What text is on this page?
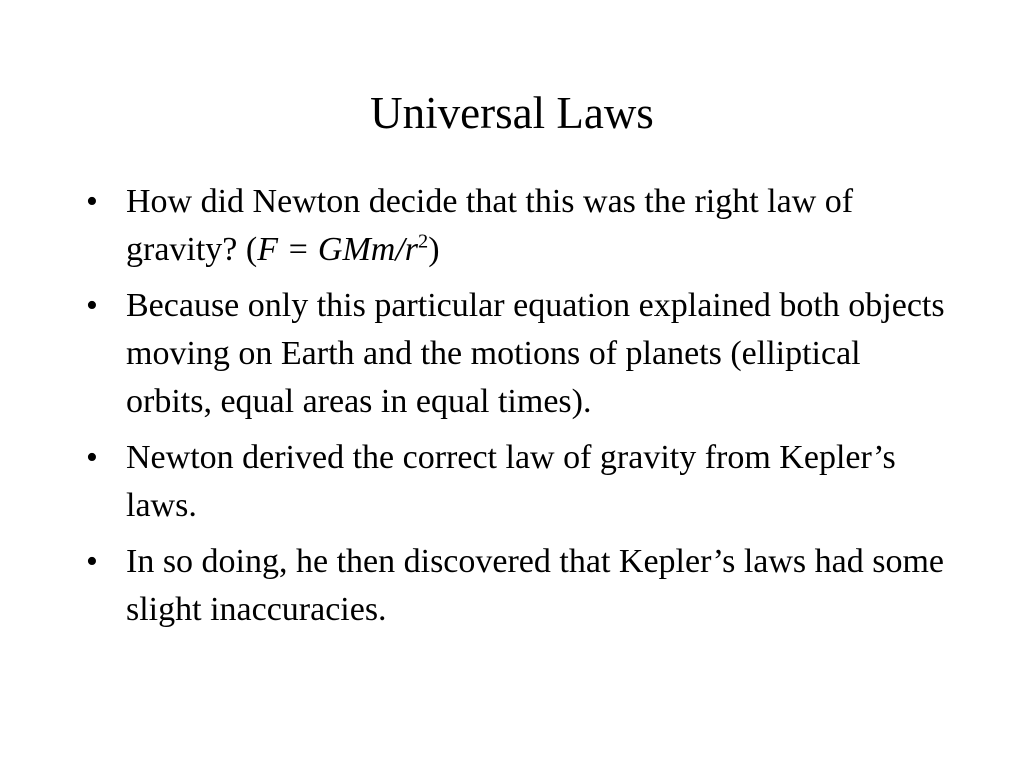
Universal Laws
• How did Newton decide that this was the right law of gravity? (F = GMm/$r^2$)
• Because only this particular equation explained both objects moving on Earth and the motions of planets (elliptical orbits, equal areas in equal times).
• Newton derived the correct law of gravity from Kepler’s laws.
• In so doing, he then discovered that Kepler’s laws had some slight inaccuracies.
